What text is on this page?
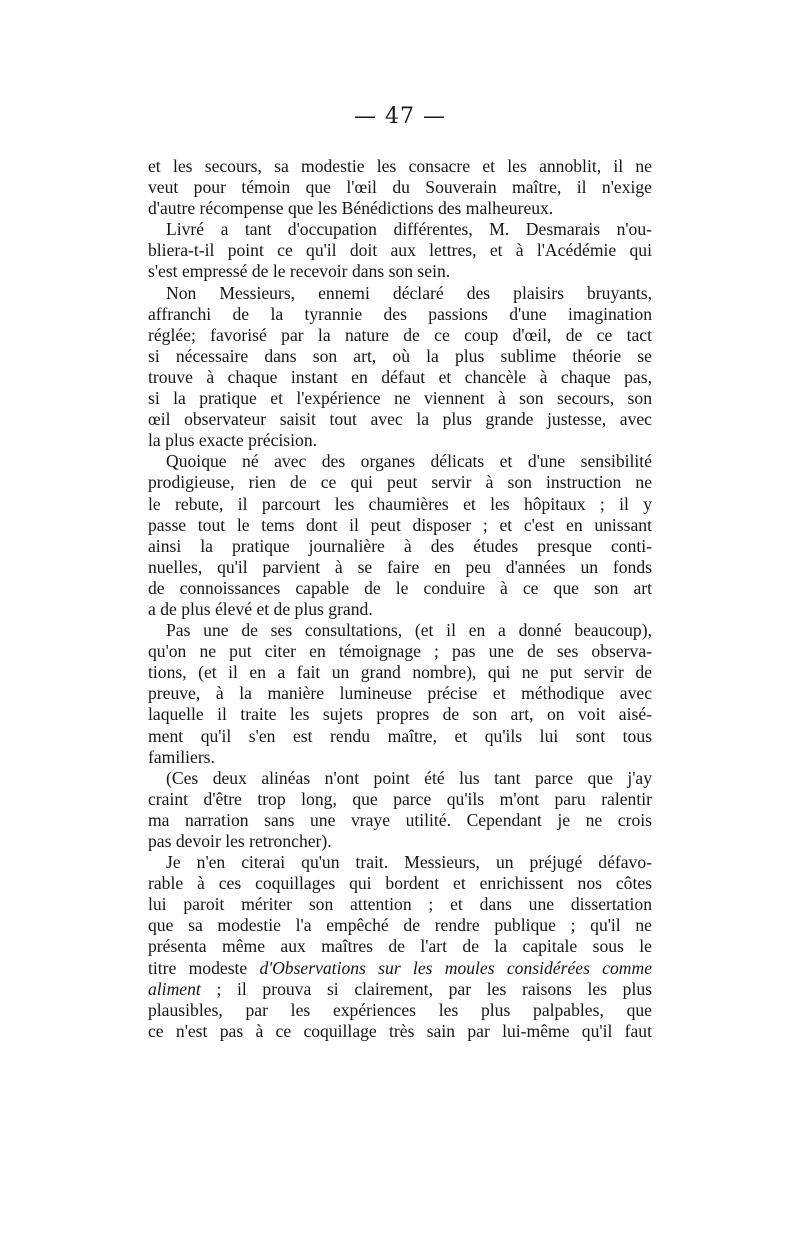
— 47 —
et les secours, sa modestie les consacre et les annoblit, il ne
veut pour témoin que l'œil du Souverain maître, il n'exige
d'autre récompense que les Bénédictions des malheureux.
Livré a tant d'occupation différentes, M. Desmarais n'ou-
bliera-t-il point ce qu'il doit aux lettres, et à l'Acédémie qui
s'est empressé de le recevoir dans son sein.
Non Messieurs, ennemi déclaré des plaisirs bruyants,
affranchi de la tyrannie des passions d'une imagination
réglée; favorisé par la nature de ce coup d'œil, de ce tact
si nécessaire dans son art, où la plus sublime théorie se
trouve à chaque instant en défaut et chancèle à chaque pas,
si la pratique et l'expérience ne viennent à son secours, son
œil observateur saisit tout avec la plus grande justesse, avec
la plus exacte précision.
Quoique né avec des organes délicats et d'une sensibilité
prodigieuse, rien de ce qui peut servir à son instruction ne
le rebute, il parcourt les chaumières et les hôpitaux ; il y
passe tout le tems dont il peut disposer ; et c'est en unissant
ainsi la pratique journalière à des études presque conti-
nuelles, qu'il parvient à se faire en peu d'années un fonds
de connoissances capable de le conduire à ce que son art
a de plus élevé et de plus grand.
Pas une de ses consultations, (et il en a donné beaucoup),
qu'on ne put citer en témoignage ; pas une de ses observa-
tions, (et il en a fait un grand nombre), qui ne put servir de
preuve, à la manière lumineuse précise et méthodique avec
laquelle il traite les sujets propres de son art, on voit aisé-
ment qu'il s'en est rendu maître, et qu'ils lui sont tous
familiers.
(Ces deux alinéas n'ont point été lus tant parce que j'ay
craint d'être trop long, que parce qu'ils m'ont paru ralentir
ma narration sans une vraye utilité. Cependant je ne crois
pas devoir les retroncher).
Je n'en citerai qu'un trait. Messieurs, un préjugé défavo-
rable à ces coquillages qui bordent et enrichissent nos côtes
lui paroit mériter son attention ; et dans une dissertation
que sa modestie l'a empêché de rendre publique ; qu'il ne
présenta même aux maîtres de l'art de la capitale sous le
titre modeste d'Observations sur les moules considérées comme
aliment ; il prouva si clairement, par les raisons les plus
plausibles, par les expériences les plus palpables, que
ce n'est pas à ce coquillage très sain par lui-même qu'il faut
